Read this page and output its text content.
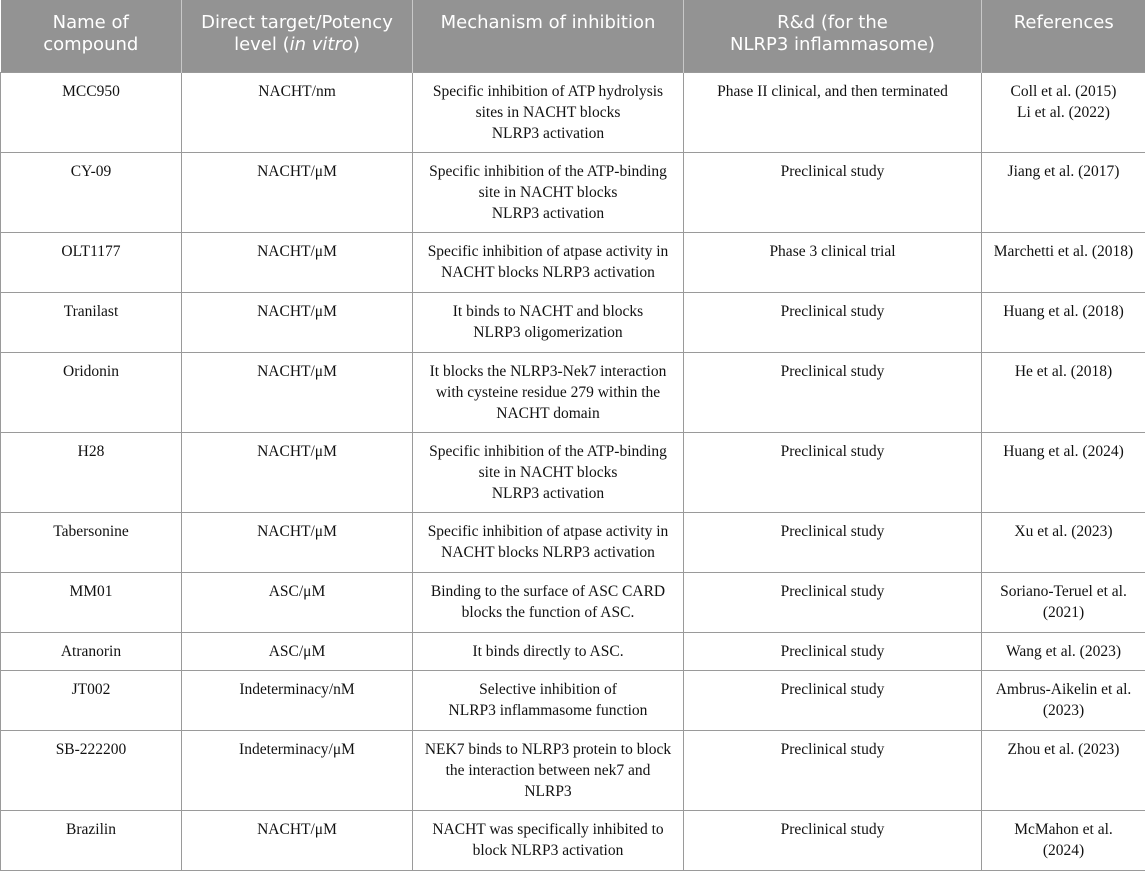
Name of
compound	Direct target/Potency
level (in vitro)	Mechanism of inhibition	R&d (for the
NLRP3 inflammasome)	References
MCC950	NACHT/nm	Specific inhibition of ATP hydrolysis
sites in NACHT blocks
NLRP3 activation	Phase II clinical, and then terminated	Coll et al. (2015)
Li et al. (2022)
CY-09	NACHT/μM	Specific inhibition of the ATP-binding
site in NACHT blocks
NLRP3 activation	Preclinical study	Jiang et al. (2017)
OLT1177	NACHT/μM	Specific inhibition of atpase activity in
NACHT blocks NLRP3 activation	Phase 3 clinical trial	Marchetti et al. (2018)
Tranilast	NACHT/μM	It binds to NACHT and blocks
NLRP3 oligomerization	Preclinical study	Huang et al. (2018)
Oridonin	NACHT/μM	It blocks the NLRP3-Nek7 interaction
with cysteine residue 279 within the
NACHT domain	Preclinical study	He et al. (2018)
H28	NACHT/μM	Specific inhibition of the ATP-binding
site in NACHT blocks
NLRP3 activation	Preclinical study	Huang et al. (2024)
Tabersonine	NACHT/μM	Specific inhibition of atpase activity in
NACHT blocks NLRP3 activation	Preclinical study	Xu et al. (2023)
MM01	ASC/μM	Binding to the surface of ASC CARD
blocks the function of ASC.	Preclinical study	Soriano-Teruel et al.
(2021)
Atranorin	ASC/μM	It binds directly to ASC.	Preclinical study	Wang et al. (2023)
JT002	Indeterminacy/nM	Selective inhibition of
NLRP3 inflammasome function	Preclinical study	Ambrus-Aikelin et al.
(2023)
SB-222200	Indeterminacy/μM	NEK7 binds to NLRP3 protein to block
the interaction between nek7 and
NLRP3	Preclinical study	Zhou et al. (2023)
Brazilin	NACHT/μM	NACHT was specifically inhibited to
block NLRP3 activation	Preclinical study	McMahon et al.
(2024)
